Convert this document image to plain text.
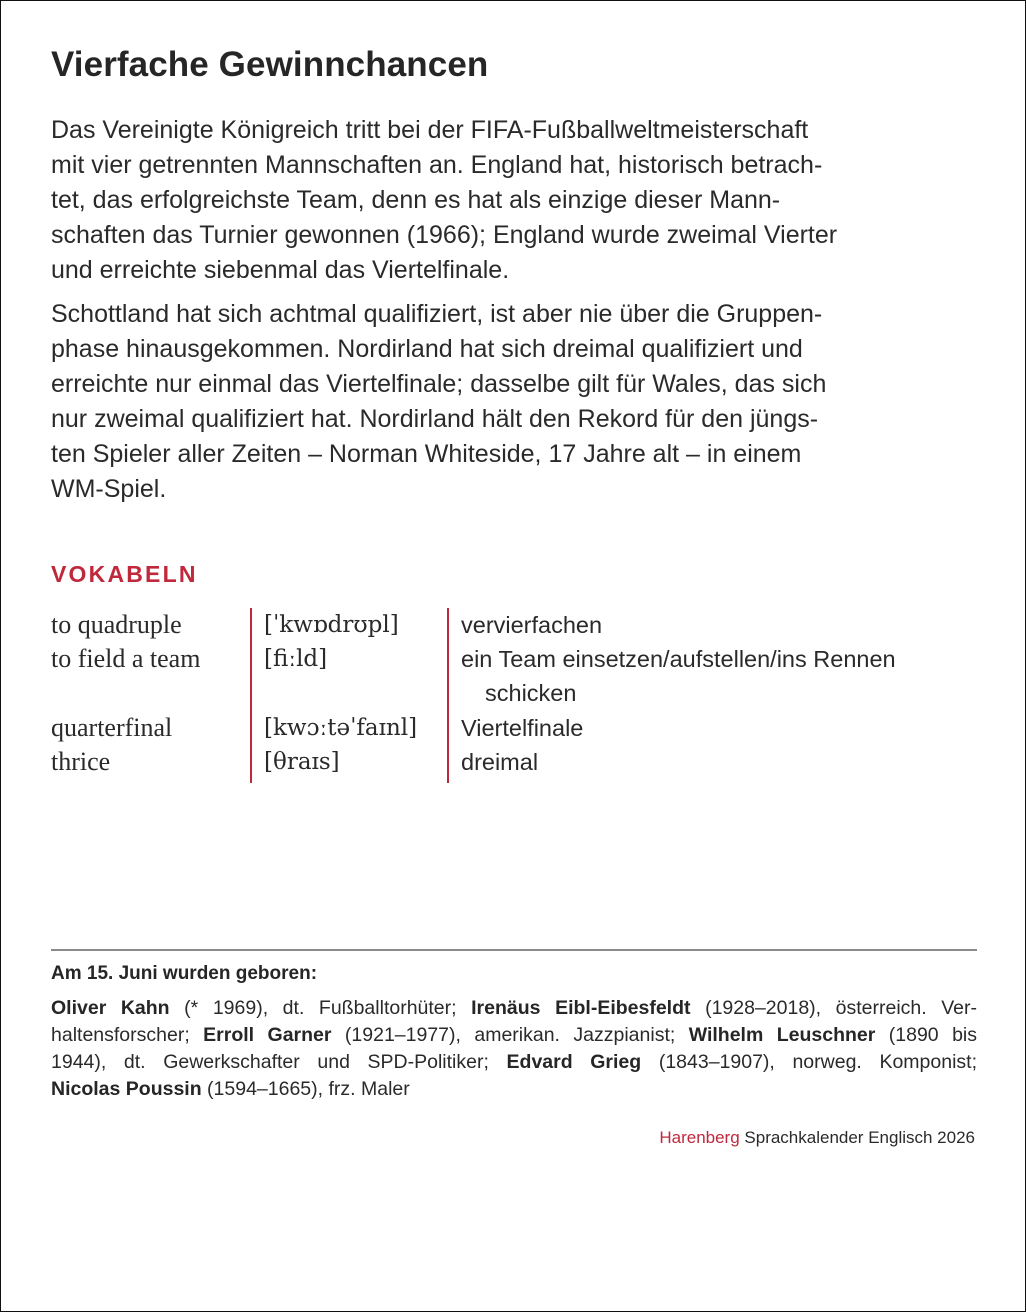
Vierfache Gewinnchancen
Das Vereinigte Königreich tritt bei der FIFA-Fußballweltmeisterschaft
mit vier getrennten Mannschaften an. England hat, historisch betrach-
tet, das erfolgreichste Team, denn es hat als einzige dieser Mann-
schaften das Turnier gewonnen (1966); England wurde zweimal Vierter
und erreichte siebenmal das Viertelfinale.
Schottland hat sich achtmal qualifiziert, ist aber nie über die Gruppen-
phase hinausgekommen. Nordirland hat sich dreimal qualifiziert und
erreichte nur einmal das Viertelfinale; dasselbe gilt für Wales, das sich
nur zweimal qualifiziert hat. Nordirland hält den Rekord für den jüngs-
ten Spieler aller Zeiten – Norman Whiteside, 17 Jahre alt – in einem
WM-Spiel.
VOKABELN
to quadruple	[ˈkwɒdrʊpl]	vervierfachen
to field a team	[fiːld]	ein Team einsetzen/aufstellen/ins Rennen
schicken
quarterfinal	[kwɔːtəˈfaɪnl] Viertelfinale
thrice	[θraɪs]	dreimal
Am 15. Juni wurden geboren:
Oliver Kahn (* 1969), dt. Fußballtorhüter; Irenäus Eibl-Eibesfeldt (1928–2018), österreich. Ver-
haltensforscher; Erroll Garner (1921–1977), amerikan. Jazzpianist; Wilhelm Leuschner (1890 bis
1944), dt. Gewerkschafter und SPD-Politiker; Edvard Grieg (1843–1907), norweg. Komponist;
Nicolas Poussin (1594–1665), frz. Maler
Harenberg Sprachkalender Englisch 2026
